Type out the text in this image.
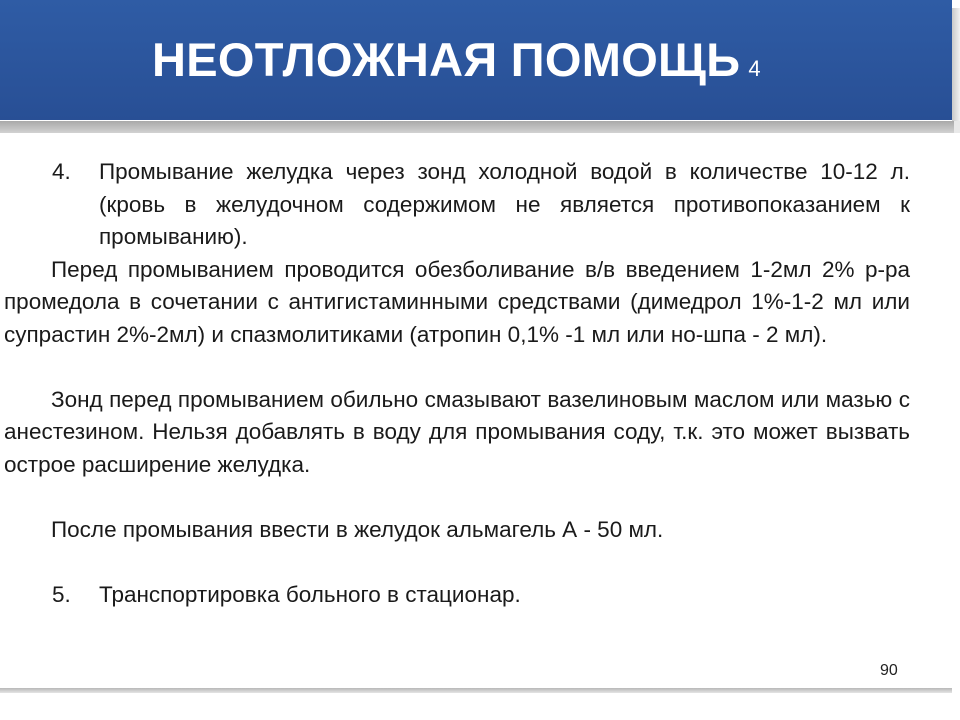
НЕОТЛОЖНАЯ ПОМОЩЬ 4
4.	Промывание желудка через зонд холодной водой в количестве 10-12 л. (кровь в желудочном содержимом не является противопоказанием к промыванию).

Перед промыванием проводится обезболивание в/в введением 1-2мл 2% р-ра промедола в сочетании с антигистаминными средствами (димедрол 1%-1-2 мл или супрастин 2%-2мл) и спазмолитиками (атропин 0,1% -1 мл или но-шпа - 2 мл).

Зонд перед промыванием обильно смазывают вазелиновым маслом или мазью с анестезином. Нельзя добавлять в воду для промывания соду, т.к. это может вызвать острое расширение желудка.

После промывания ввести в желудок альмагель А - 50 мл.

5.	Транспортировка больного в стационар.
90
